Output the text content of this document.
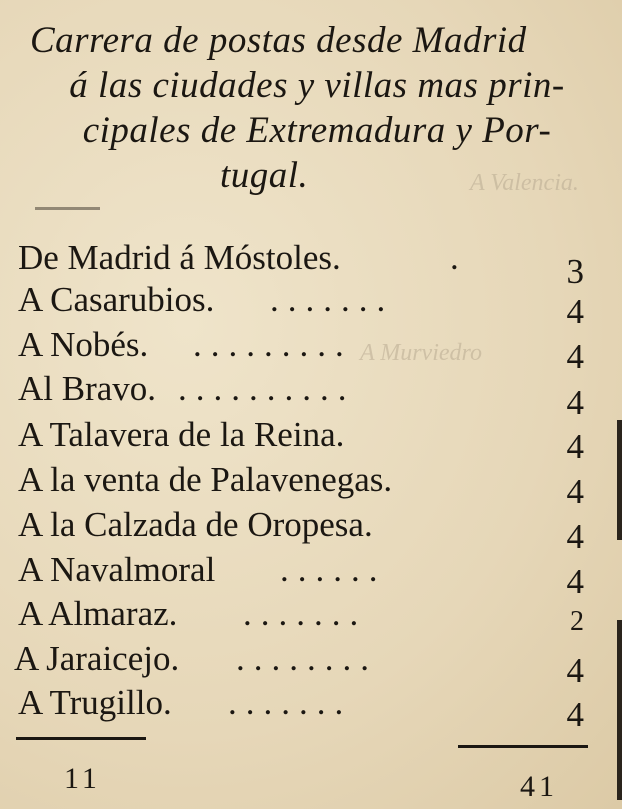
A Valencia.
A Murviedro
Carrera de postas desde Madrid
á las ciudades y villas mas prin-
cipales de Extremadura y Por-
tugal.
De Madrid á Móstoles.	.	3
A Casarubios. .......	4
A Nobés. .........	4
Al Bravo. ..........	4
A Talavera de la Reina.	4
A la venta de Palavenegas.	4
A la Calzada de Oropesa.	4
A Navalmoral ......	4
A Almaraz. .......	2
A Jaraicejo. ........	4
A Trugillo. .......	4
11	41
